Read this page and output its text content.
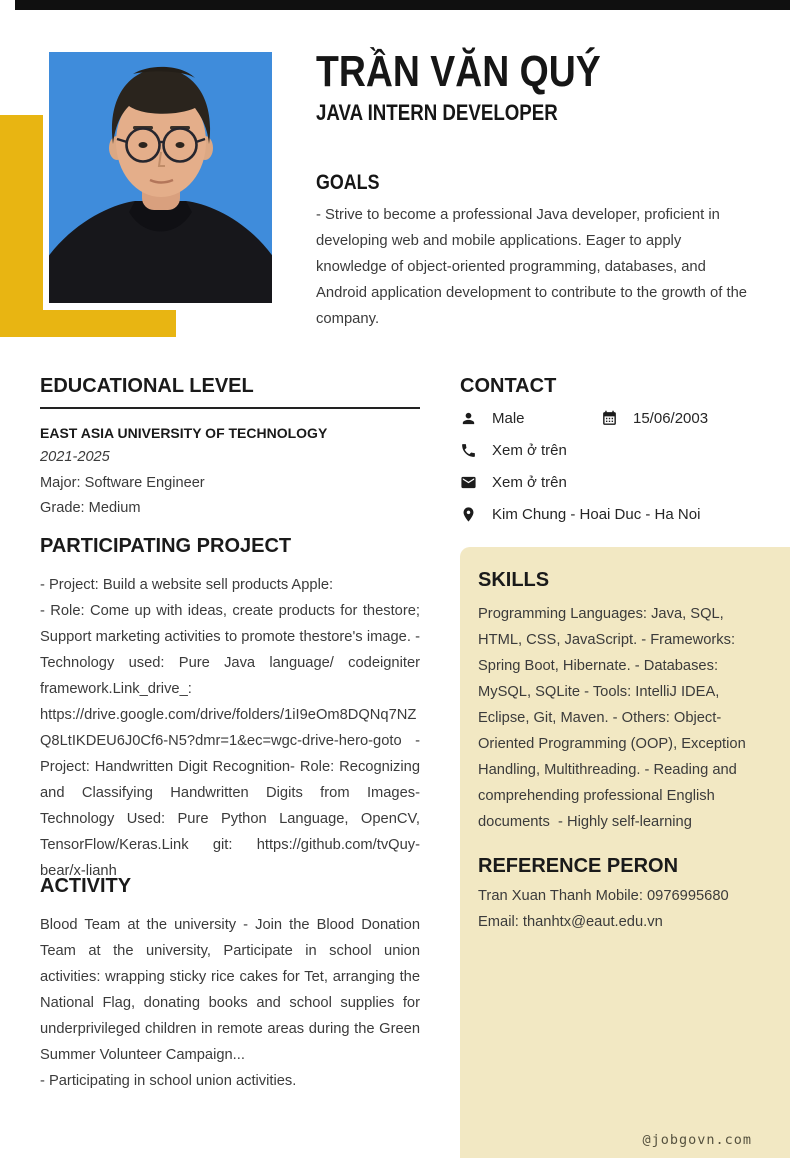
TRẦN VĂN QUÝ
JAVA INTERN DEVELOPER
GOALS

- Strive to become a professional Java developer, proficient in developing web and mobile applications. Eager to apply knowledge of object-oriented programming, databases, and Android application development to contribute to the growth of the company.

EDUCATIONAL LEVEL

EAST ASIA UNIVERSITY OF TECHNOLOGY

2021-2025

Major: Software Engineer

Grade: Medium

PARTICIPATING PROJECT

- Project: Build a website sell products Apple:

- Role: Come up with ideas, create products for thestore; Support marketing activities to promote thestore's image. - Technology used: Pure Java language/ codeigniter framework.Link_drive_: https://drive.google.com/drive/folders/1iI9eOm8DQNq7NZQ8LtIKDEU6J0Cf6-N5?dmr=1&ec=wgc-drive-hero-goto  - Project: Handwritten Digit Recognition- Role: Recognizing and Classifying Handwritten Digits from Images-Technology Used: Pure Python Language, OpenCV, TensorFlow/Keras.Link git: https://github.com/tvQuy-bear/x-lianh

ACTIVITY

Blood Team at the university - Join the Blood Donation Team at the university, Participate in school union activities: wrapping sticky rice cakes for Tet, arranging the National Flag, donating books and school supplies for underprivileged children in remote areas during the Green Summer Volunteer Campaign...

- Participating in school union activities.

CONTACT
Male	15/06/2003
Xem ở trên
Xem ở trên
Kim Chung - Hoai Duc - Ha Noi
SKILLS

Programming Languages: Java, SQL, HTML, CSS, JavaScript. - Frameworks: Spring Boot, Hibernate. - Databases: MySQL, SQLite - Tools: IntelliJ IDEA, Eclipse, Git, Maven. - Others: Object-Oriented Programming (OOP), Exception Handling, Multithreading. - Reading and comprehending professional English documents  - Highly self-learning

REFERENCE PERON

Tran Xuan Thanh Mobile: 0976995680

Email: thanhtx@eaut.edu.vn

@jobgovn.com
